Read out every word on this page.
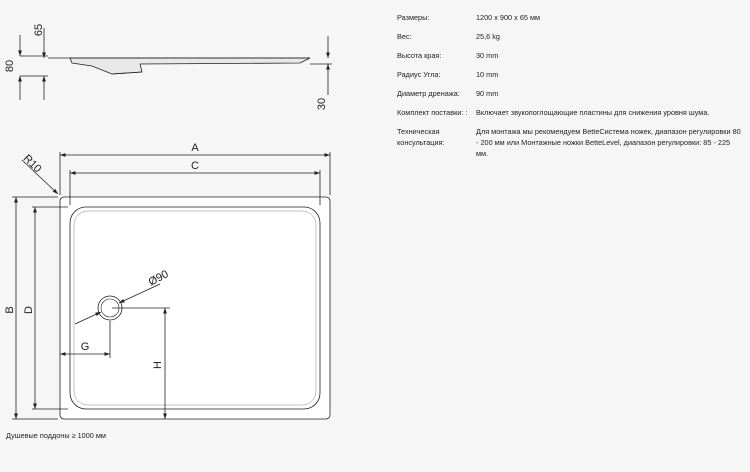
65
80
30
A
C
B D
G
H
R10
Ø90
Размеры:	1200 x 900 x 65 мм
Вес:	25,6 kg
Высота края:	30 mm
Радиус Угла:	10 mm
Диаметр дренажа:	90 mm
Комплект поставки: :	Включает звукопоглощающие пластины для снижения уровня шума.
Техническая консультация:
Для монтажа мы рекомендуем BetteСистема ножек, диапазон регулировки 80 - 200 мм или Монтажные ножки BetteLevel, диапазон регулировки: 85 - 225 мм.
Душевые поддоны ≥ 1000 мм
